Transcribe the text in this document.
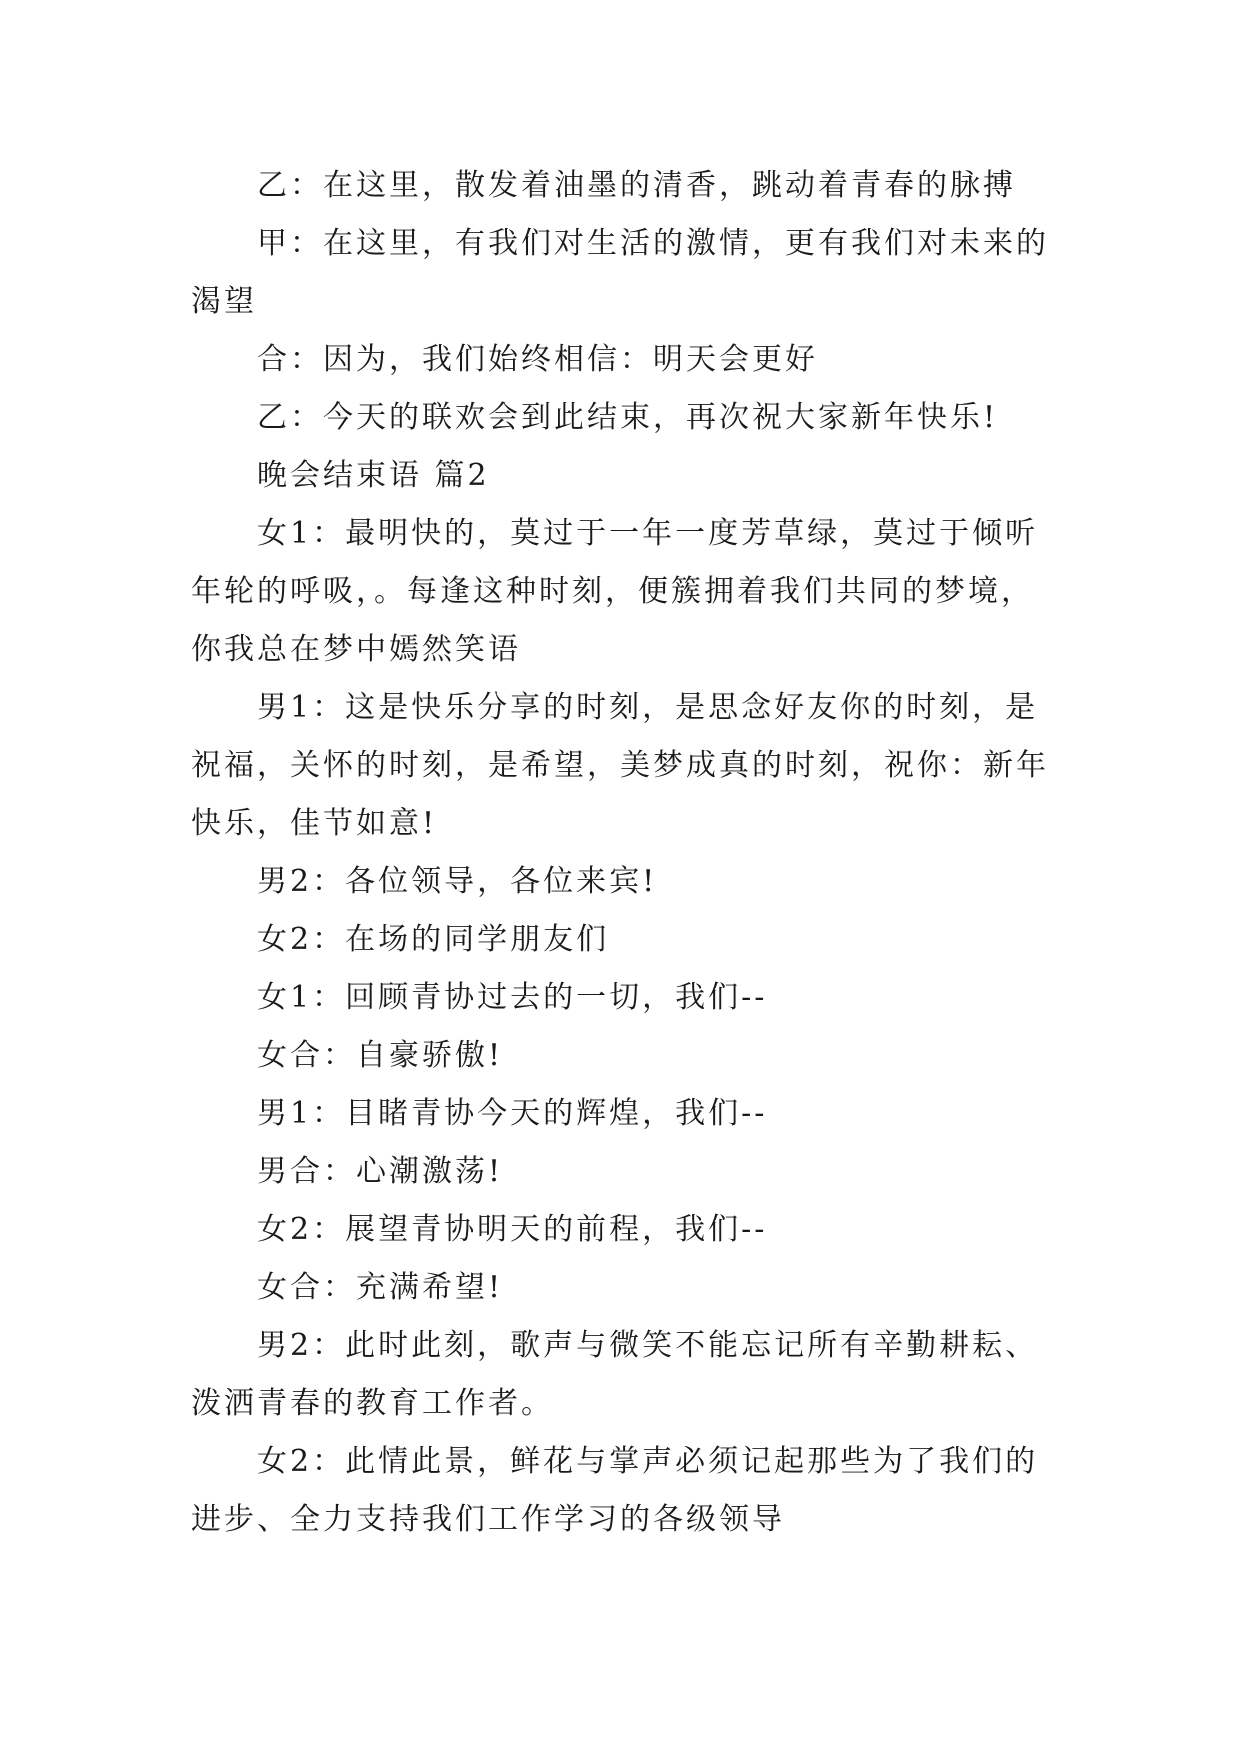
乙：在这里，散发着油墨的清香，跳动着青春的脉搏

甲：在这里，有我们对生活的激情，更有我们对未来的渴望

合：因为，我们始终相信：明天会更好

乙：今天的联欢会到此结束，再次祝大家新年快乐!

晚会结束语 篇2

女1：最明快的，莫过于一年一度芳草绿，莫过于倾听年轮的呼吸，。每逢这种时刻，便簇拥着我们共同的梦境，你我总在梦中嫣然笑语

男1：这是快乐分享的时刻，是思念好友你的时刻，是祝福，关怀的时刻，是希望，美梦成真的时刻，祝你：新年快乐，佳节如意!

男2：各位领导，各位来宾!

女2：在场的同学朋友们

女1：回顾青协过去的一切，我们--

女合：自豪骄傲!

男1：目睹青协今天的辉煌，我们--

男合：心潮激荡!

女2：展望青协明天的前程，我们--

女合：充满希望!

男2：此时此刻，歌声与微笑不能忘记所有辛勤耕耘、泼洒青春的教育工作者。

女2：此情此景，鲜花与掌声必须记起那些为了我们的进步、全力支持我们工作学习的各级领导
